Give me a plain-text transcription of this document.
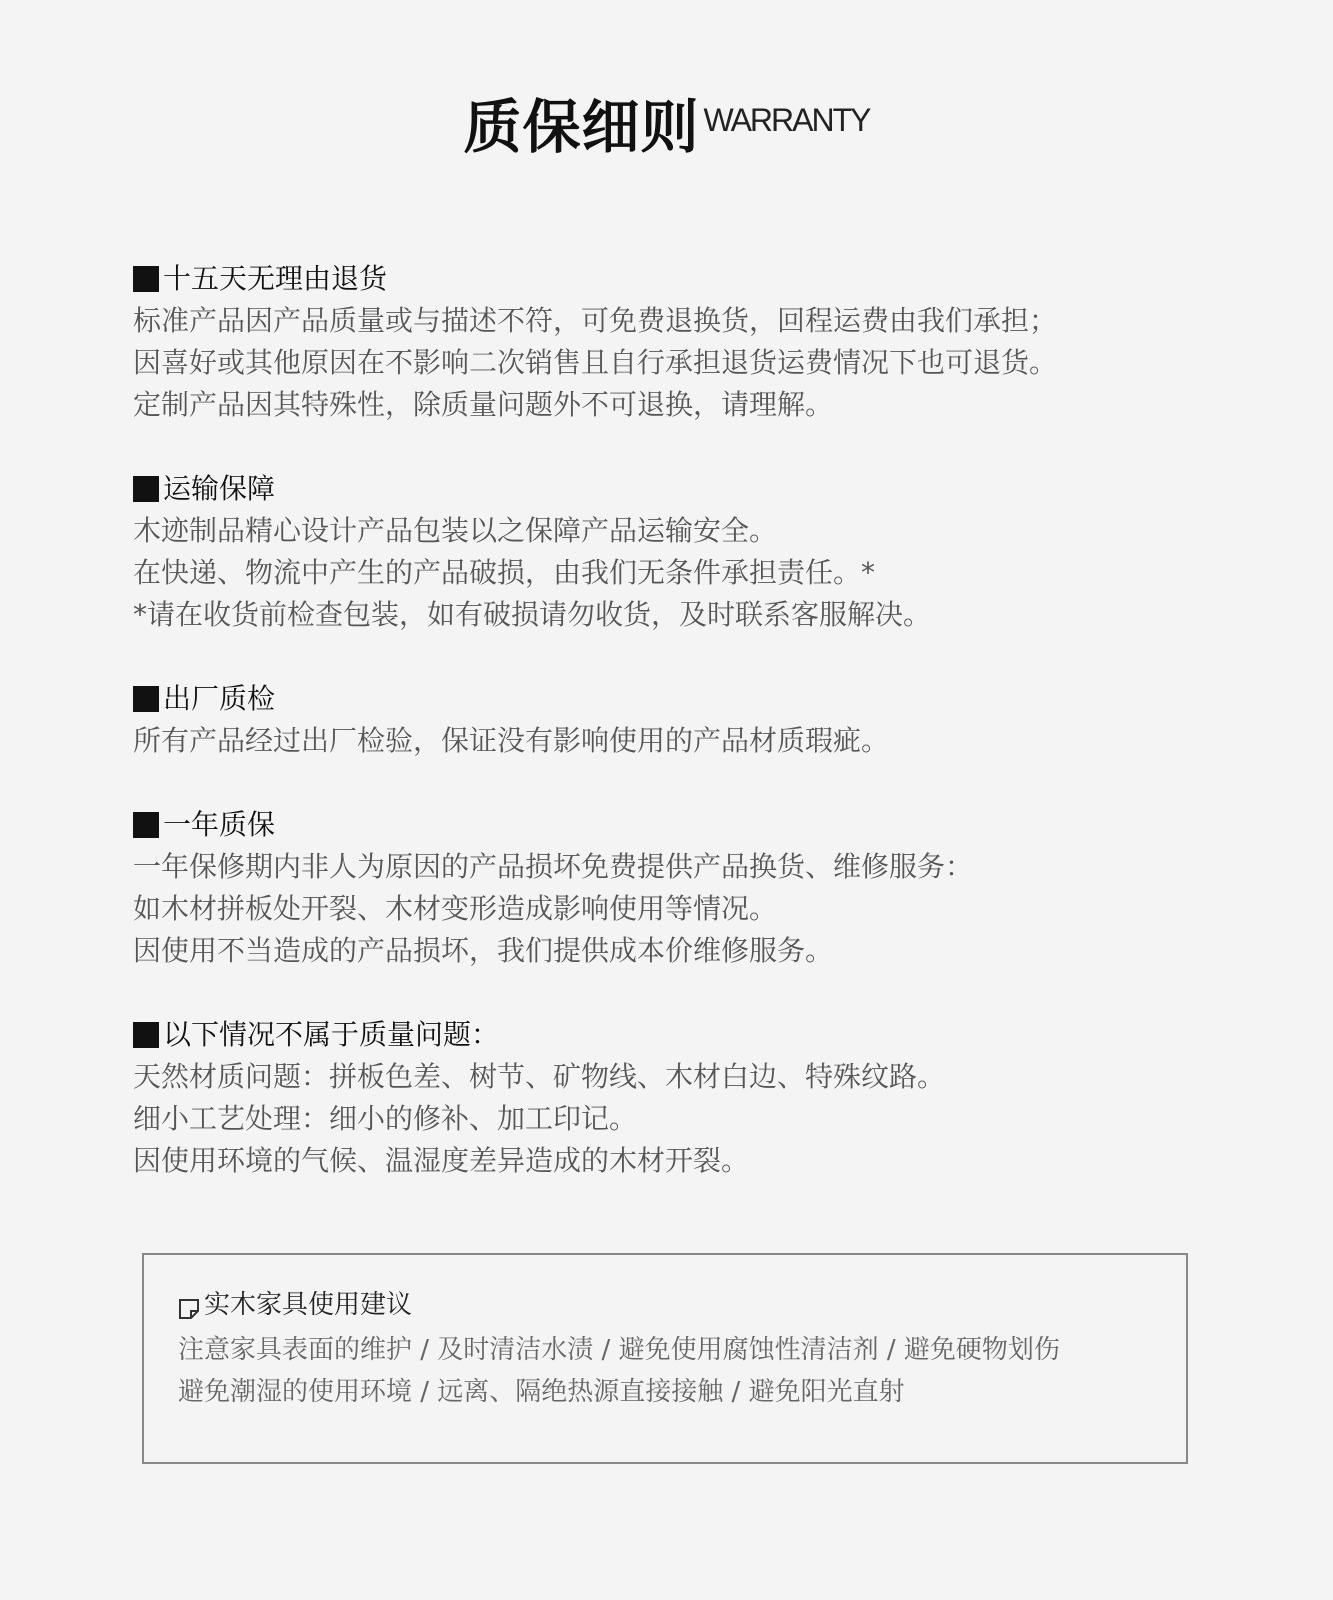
质保细则 WARRANTY
十五天无理由退货
标准产品因产品质量或与描述不符，可免费退换货，回程运费由我们承担；
因喜好或其他原因在不影响二次销售且自行承担退货运费情况下也可退货。
定制产品因其特殊性，除质量问题外不可退换，请理解。
运输保障
木迹制品精心设计产品包装以之保障产品运输安全。
在快递、物流中产生的产品破损，由我们无条件承担责任。*
*请在收货前检查包装，如有破损请勿收货，及时联系客服解决。
出厂质检
所有产品经过出厂检验，保证没有影响使用的产品材质瑕疵。
一年质保
一年保修期内非人为原因的产品损坏免费提供产品换货、维修服务：
如木材拼板处开裂、木材变形造成影响使用等情况。
因使用不当造成的产品损坏，我们提供成本价维修服务。
以下情况不属于质量问题：
天然材质问题：拼板色差、树节、矿物线、木材白边、特殊纹路。
细小工艺处理：细小的修补、加工印记。
因使用环境的气候、温湿度差异造成的木材开裂。
实木家具使用建议
注意家具表面的维护 / 及时清洁水渍 / 避免使用腐蚀性清洁剂 / 避免硬物划伤
避免潮湿的使用环境 / 远离、隔绝热源直接接触 / 避免阳光直射
